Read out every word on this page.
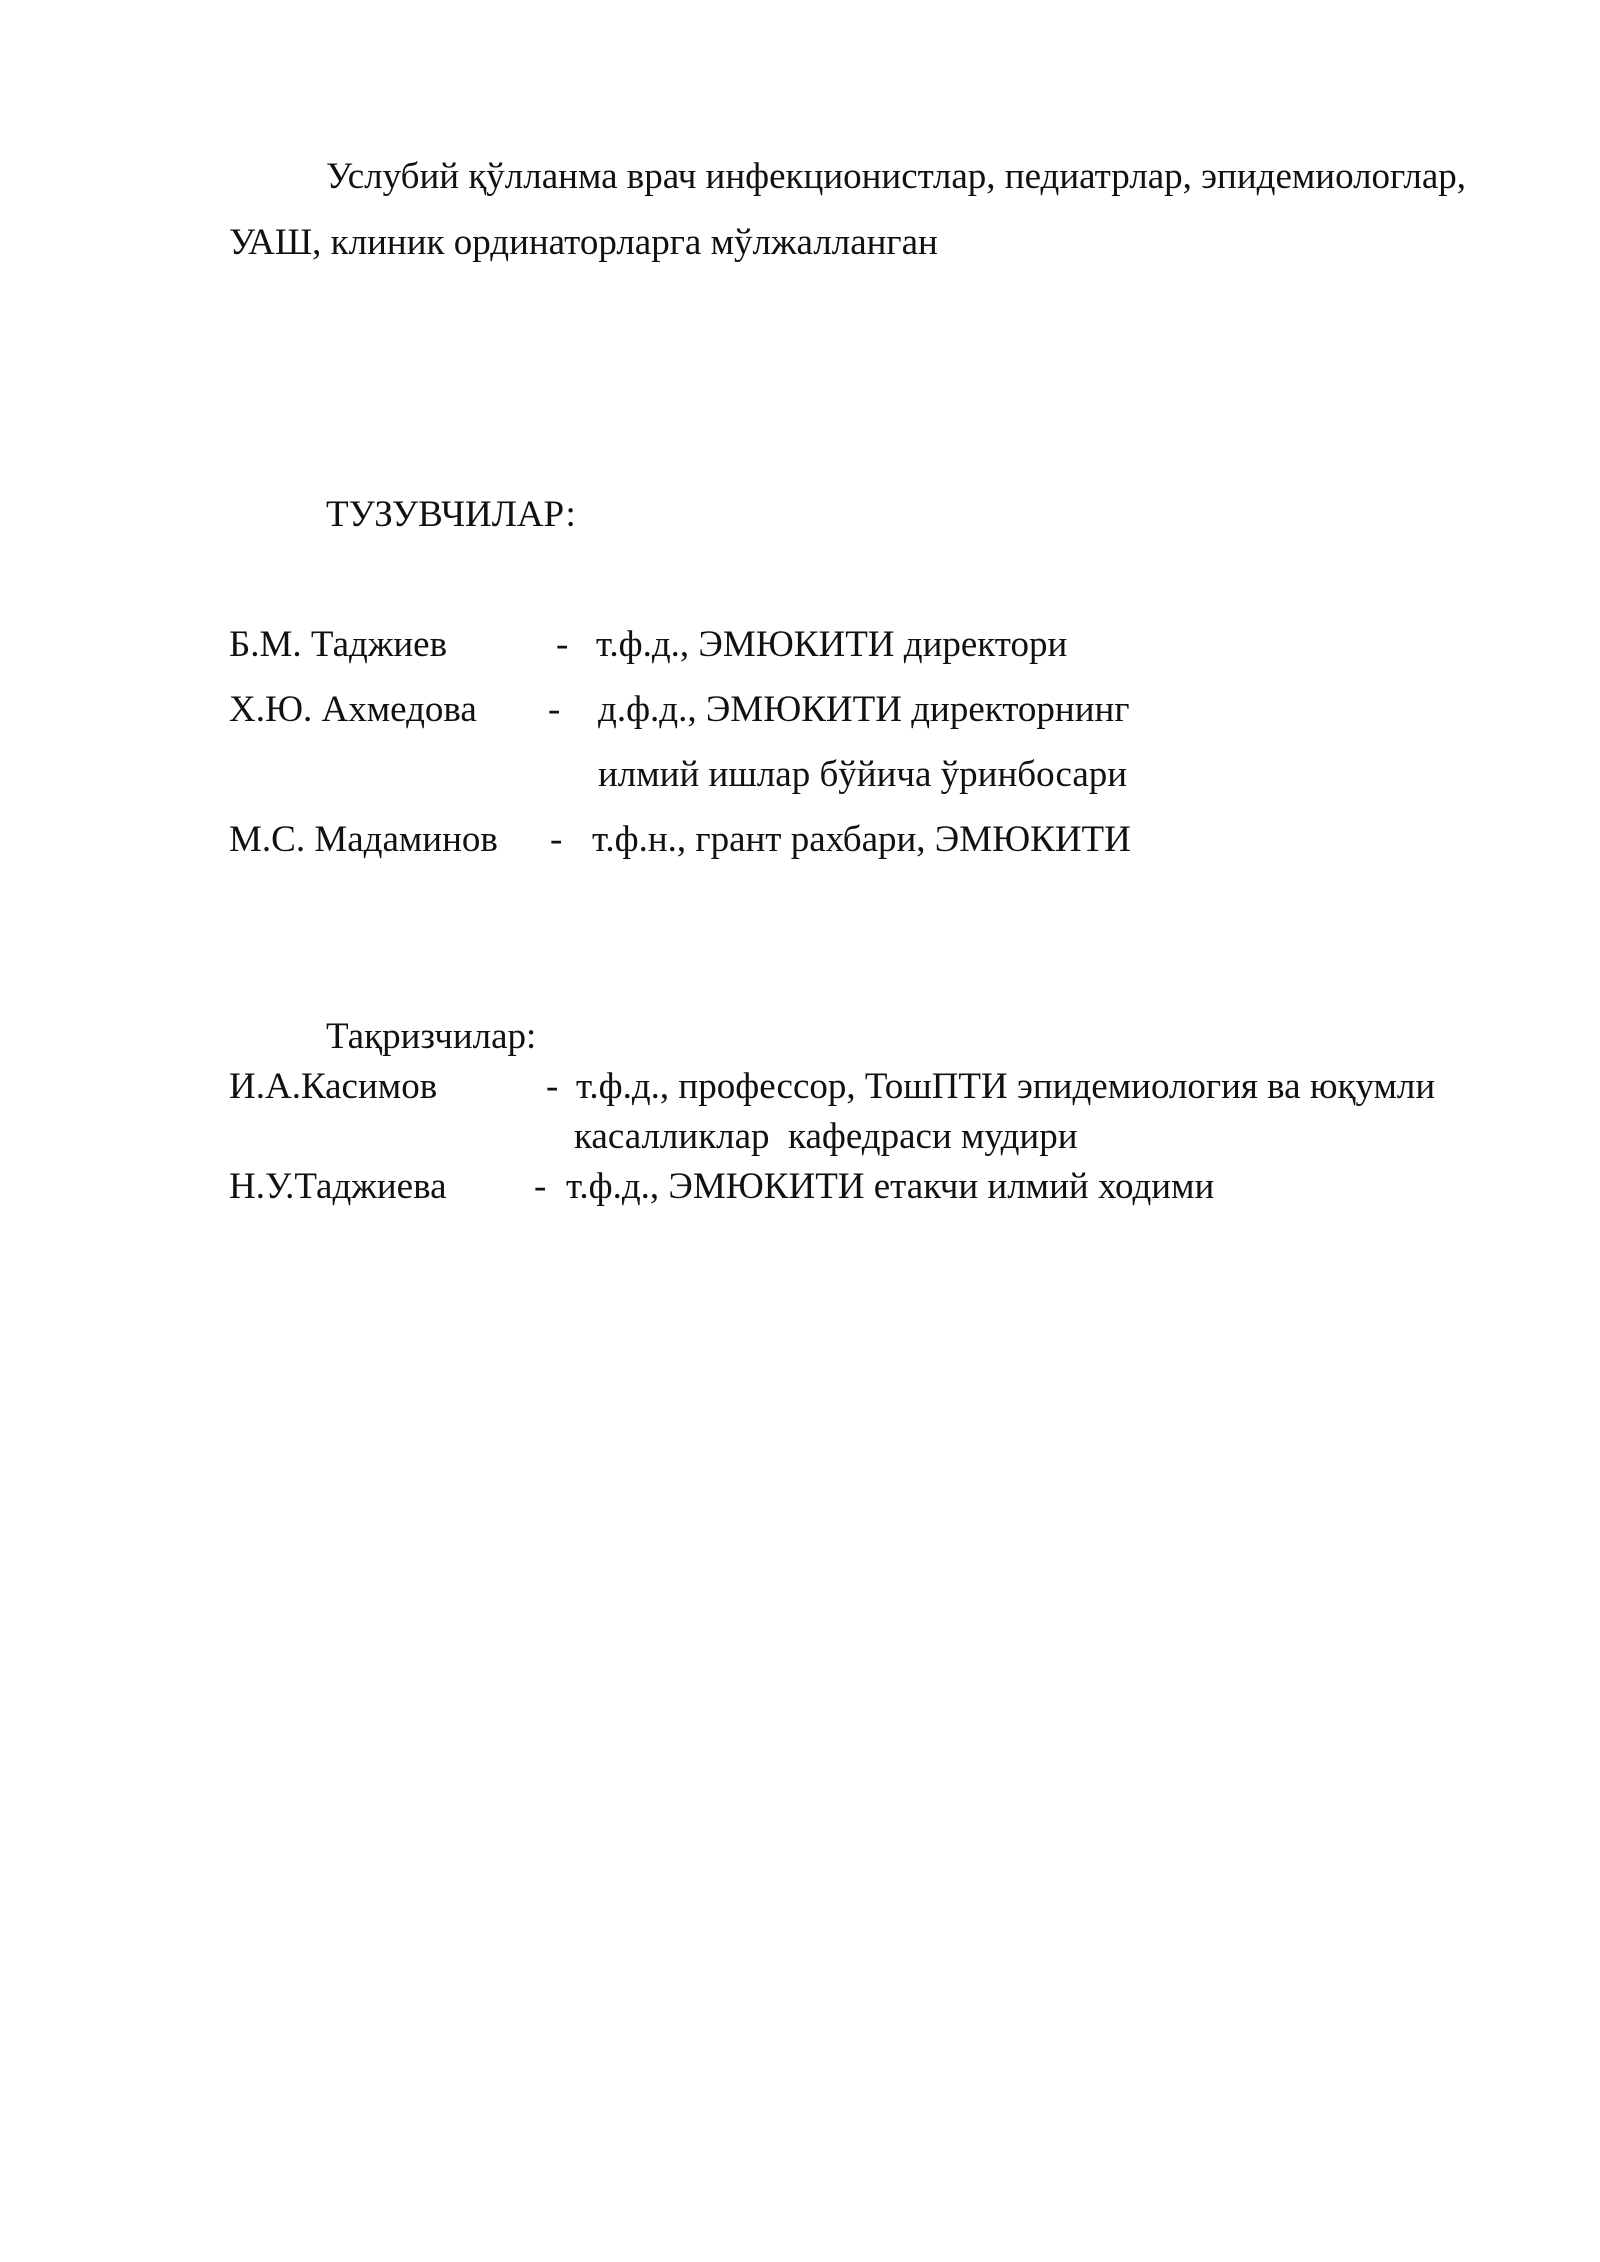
Услубий қўлланма врач инфекционистлар, педиатрлар, эпидемиологлар,
УАШ, клиник ординаторларга мўлжалланган
ТУЗУВЧИЛАР:
Б.М. Таджиев	- т.ф.д., ЭМЮКИТИ директори
Х.Ю. Ахмедова - д.ф.д., ЭМЮКИТИ директорнинг
илмий ишлар бўйича ўринбосари
М.С. Мадаминов - т.ф.н., грант рахбари, ЭМЮКИТИ
Тақризчилар:
И.А.Касимов	- т.ф.д., профессор, ТошПТИ эпидемиология ва юқумли
касалликлар  кафедраси мудири
Н.У.Таджиева - т.ф.д., ЭМЮКИТИ етакчи илмий ходими
